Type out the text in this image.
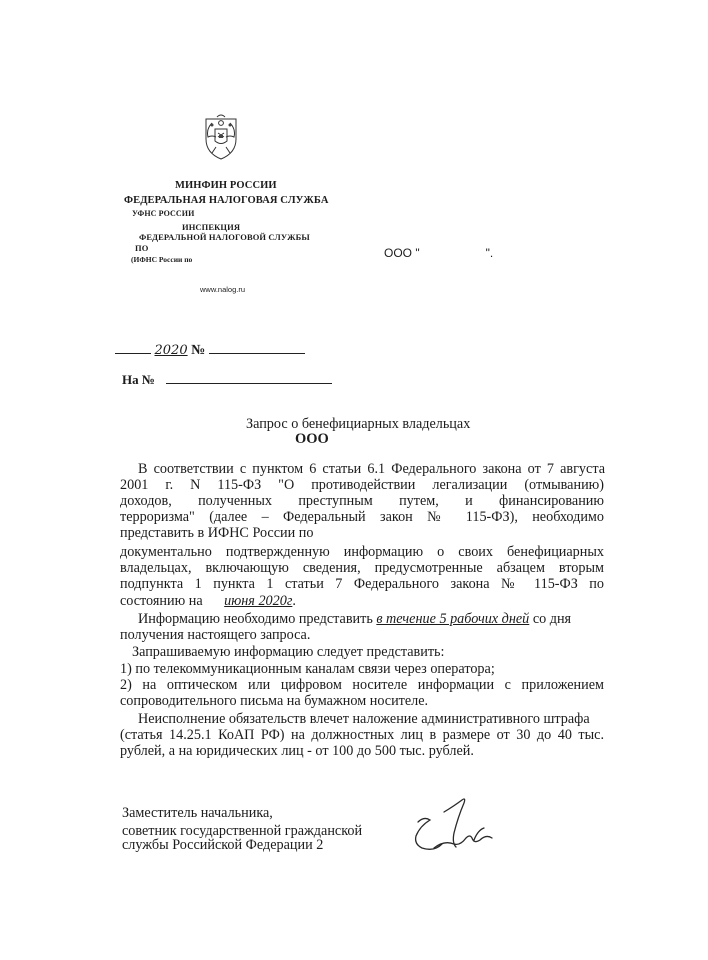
МИНФИН РОССИИ
ФЕДЕРАЛЬНАЯ НАЛОГОВАЯ СЛУЖБА
УФНС РОССИИ
ИНСПЕКЦИЯ
ФЕДЕРАЛЬНОЙ НАЛОГОВОЙ СЛУЖБЫ
ПО
(ИФНС России по
www.nalog.ru
ООО "	".
2020 №
На №
Запрос о бенефициарных владельцах
ООО
В соответствии с пунктом 6 статьи 6.1 Федерального закона от 7 августа
2001 г. N 115-ФЗ "О противодействии легализации (отмыванию)
доходов, полученных преступным путем, и финансированию
терроризма" (далее – Федеральный закон № 115-ФЗ), необходимо
представить в ИФНС России по
документально подтвержденную информацию о своих бенефициарных
владельцах, включающую сведения, предусмотренные абзацем вторым
подпункта 1 пункта 1 статьи 7 Федерального закона № 115-ФЗ по
состоянию на июня 2020г.
Информацию необходимо представить в течение 5 рабочих дней со дня
получения настоящего запроса.
Запрашиваемую информацию следует представить:
1) по телекоммуникационным каналам связи через оператора;
2) на оптическом или цифровом носителе информации с приложением
сопроводительного письма на бумажном носителе.
Неисполнение обязательств влечет наложение административного штрафа
(статья 14.25.1 КоАП РФ) на должностных лиц в размере от 30 до 40 тыс.
рублей, а на юридических лиц - от 100 до 500 тыс. рублей.
Заместитель начальника,
советник государственной гражданской
службы Российской Федерации 2
